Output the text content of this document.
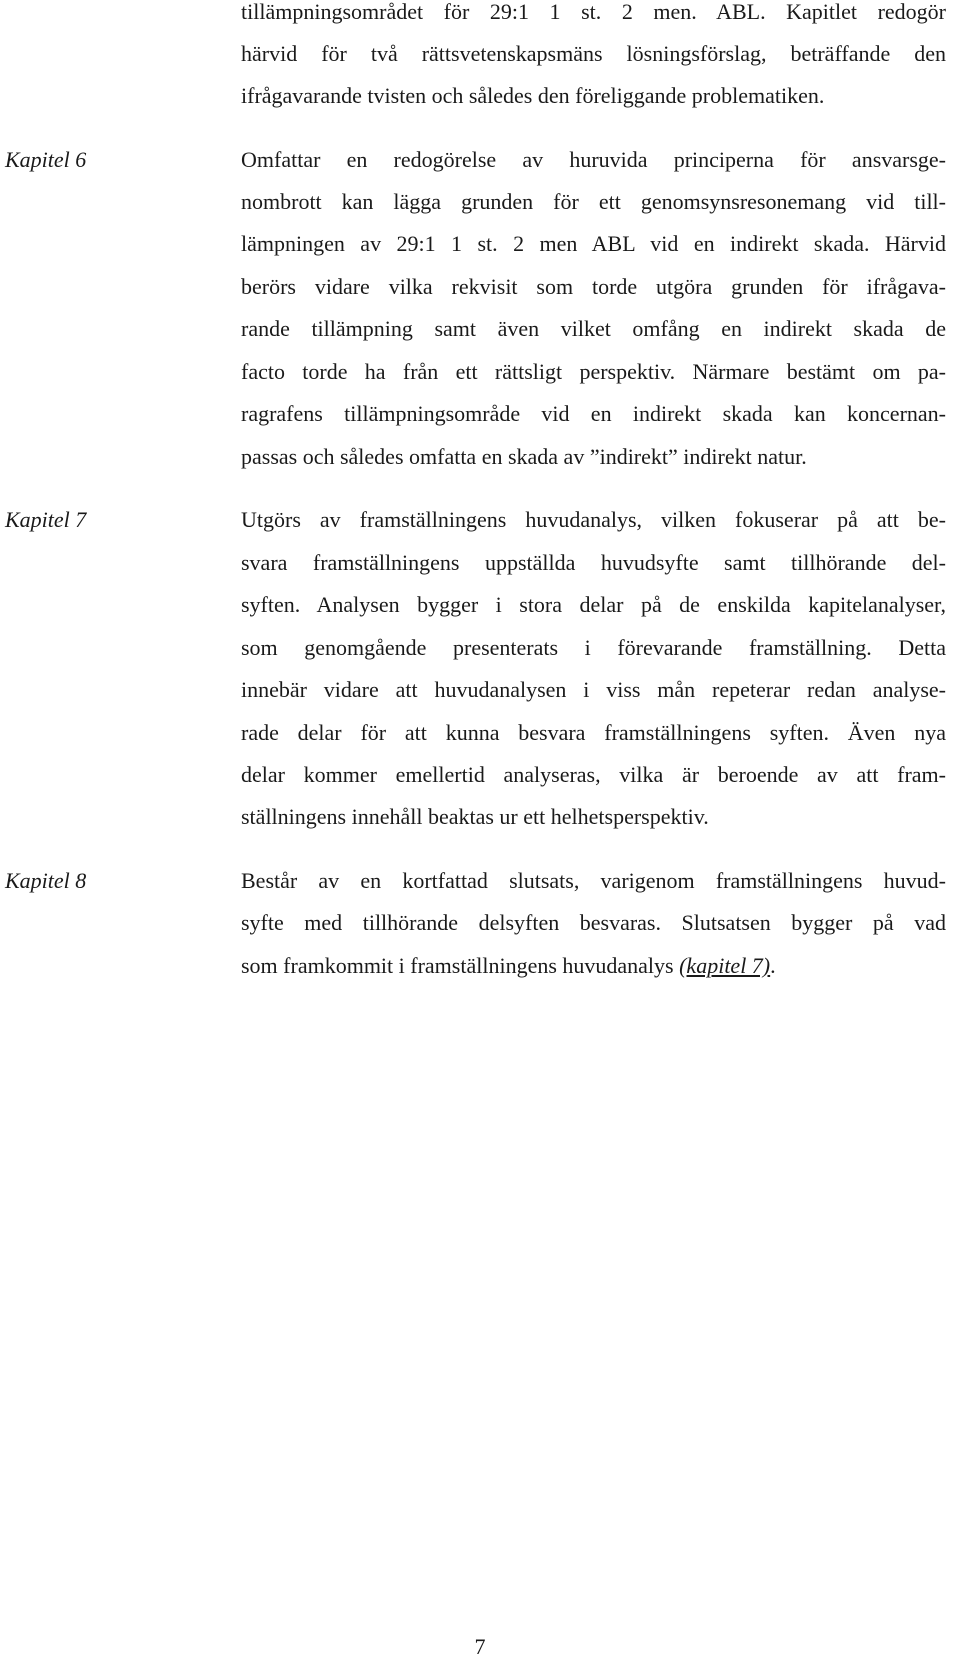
tillämpningsområdet för 29:1 1 st. 2 men. ABL. Kapitlet redogör
härvid för två rättsvetenskapsmäns lösningsförslag, beträffande den
ifrågavarande tvisten och således den föreliggande problematiken.
Kapitel 6	Omfattar en redogörelse av huruvida principerna för ansvarsge-
nombrott kan lägga grunden för ett genomsynsresonemang vid till-
lämpningen av 29:1 1 st. 2 men ABL vid en indirekt skada. Härvid
berörs vidare vilka rekvisit som torde utgöra grunden för ifrågava-
rande tillämpning samt även vilket omfång en indirekt skada de
facto torde ha från ett rättsligt perspektiv. Närmare bestämt om pa-
ragrafens tillämpningsområde vid en indirekt skada kan koncernan-
passas och således omfatta en skada av ”indirekt” indirekt natur.
Kapitel 7	Utgörs av framställningens huvudanalys, vilken fokuserar på att be-
svara framställningens uppställda huvudsyfte samt tillhörande del-
syften. Analysen bygger i stora delar på de enskilda kapitelanalyser,
som genomgående presenterats i förevarande framställning. Detta
innebär vidare att huvudanalysen i viss mån repeterar redan analyse-
rade delar för att kunna besvara framställningens syften. Även nya
delar kommer emellertid analyseras, vilka är beroende av att fram-
ställningens innehåll beaktas ur ett helhetsperspektiv.
Kapitel 8	Består av en kortfattad slutsats, varigenom framställningens huvud-
syfte med tillhörande delsyften besvaras. Slutsatsen bygger på vad
som framkommit i framställningens huvudanalys (kapitel 7).
7
